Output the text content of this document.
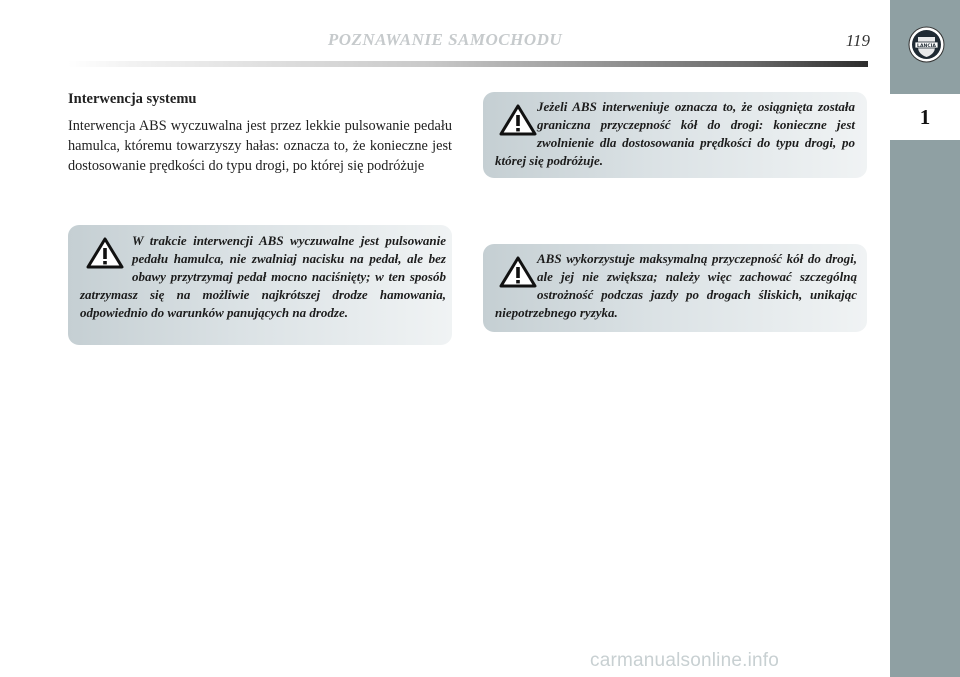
POZNAWANIE SAMOCHODU	119	LANCIA
1
Interwencja systemu
Interwencja ABS wyczuwalna jest przez lekkie pulsowanie pedału hamulca, któremu towarzyszy hałas: oznacza to, że konieczne jest dostosowanie prędkości do typu drogi, po której się podróżuje
W trakcie interwencji ABS wyczuwalne jest pulsowanie pedału hamulca, nie zwalniaj nacisku na pedał, ale bez obawy przytrzymaj pedał mocno naciśnięty; w ten sposób zatrzymasz się na możliwie najkrótszej drodze hamowania, odpowiednio do warunków panujących na drodze.
Jeżeli ABS interweniuje oznacza to, że osiągnięta została graniczna przyczepność kół do drogi: konieczne jest zwolnienie dla dostosowania prędkości do typu drogi, po której się podróżuje.
ABS wykorzystuje maksymalną przyczepność kół do drogi, ale jej nie zwiększa; należy więc zachować szczególną ostrożność podczas jazdy po drogach śliskich, unikając niepotrzebnego ryzyka.
carmanualsonline.info
